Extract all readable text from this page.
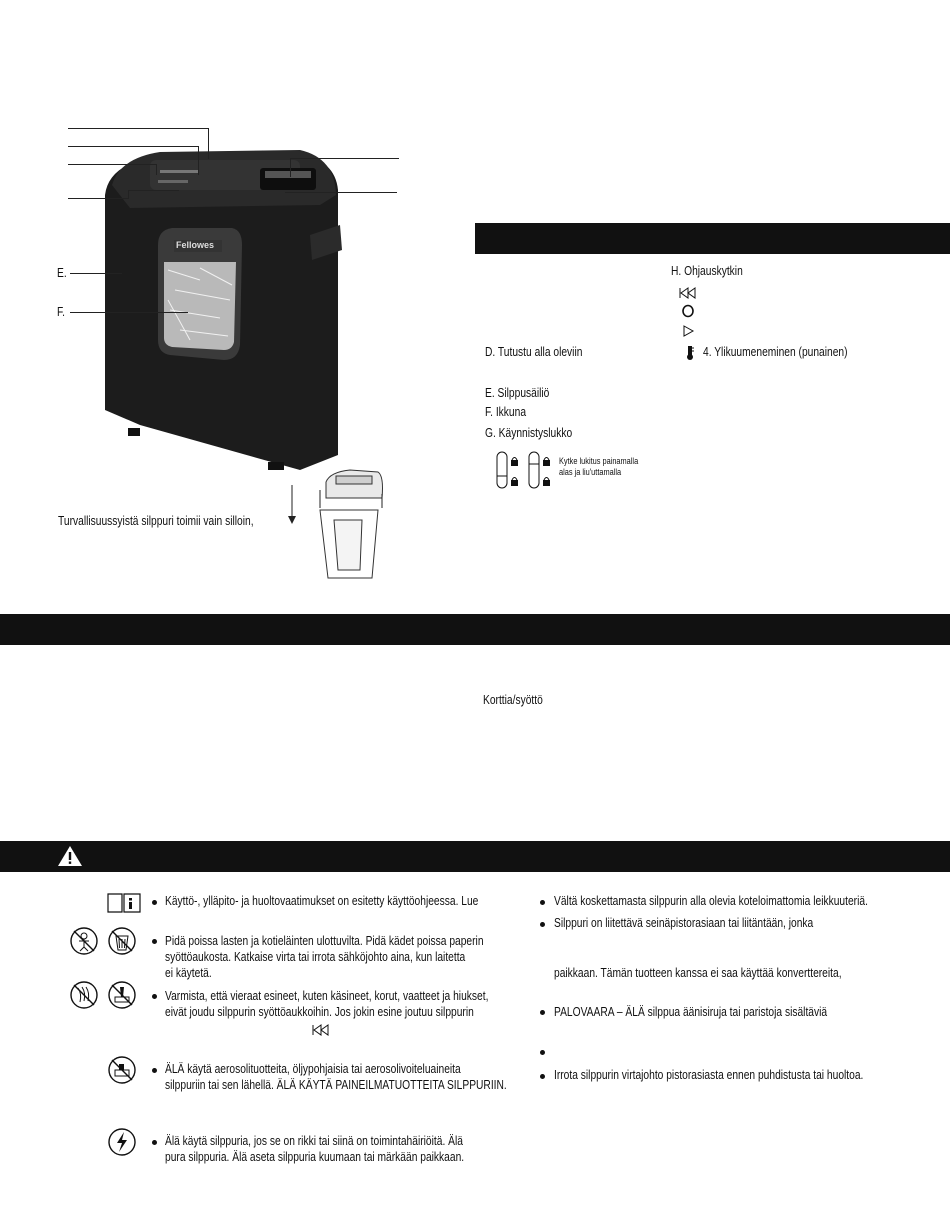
Fellowes
E.
F.
Turvallisuussyistä silppuri toimii vain silloin,
H. Ohjauskytkin
D. Tutustu alla oleviin	4. Ylikuumeneminen (punainen)
E. Silppusäiliö
F. Ikkuna
G. Käynnistyslukko
Kytke lukitus painamalla
alas ja liu'uttamalla
Korttia/syöttö
Käyttö-, ylläpito- ja huoltovaatimukset on esitetty käyttöohjeessa. Lue
Pidä poissa lasten ja kotieläinten ulottuvilta. Pidä kädet poissa paperin
syöttöaukosta. Katkaise virta tai irrota sähköjohto aina, kun laitetta
ei käytetä.
Varmista, että vieraat esineet, kuten käsineet, korut, vaatteet ja hiukset,
eivät joudu silppurin syöttöaukkoihin. Jos jokin esine joutuu silppurin
ÄLÄ käytä aerosolituotteita, öljypohjaisia tai aerosolivoiteluaineita
silppuriin tai sen lähellä. ÄLÄ KÄYTÄ PAINEILMATUOTTEITA SILPPURIIN.
Älä käytä silppuria, jos se on rikki tai siinä on toimintahäiriöitä. Älä
pura silppuria. Älä aseta silppuria kuumaan tai märkään paikkaan.
Vältä koskettamasta silppurin alla olevia koteloimattomia leikkuuteriä.
Silppuri on liitettävä seinäpistorasiaan tai liitäntään, jonka
paikkaan. Tämän tuotteen kanssa ei saa käyttää konverttereita,
PALOVAARA – ÄLÄ silppua äänisiruja tai paristoja sisältäviä
Irrota silppurin virtajohto pistorasiasta ennen puhdistusta tai huoltoa.
